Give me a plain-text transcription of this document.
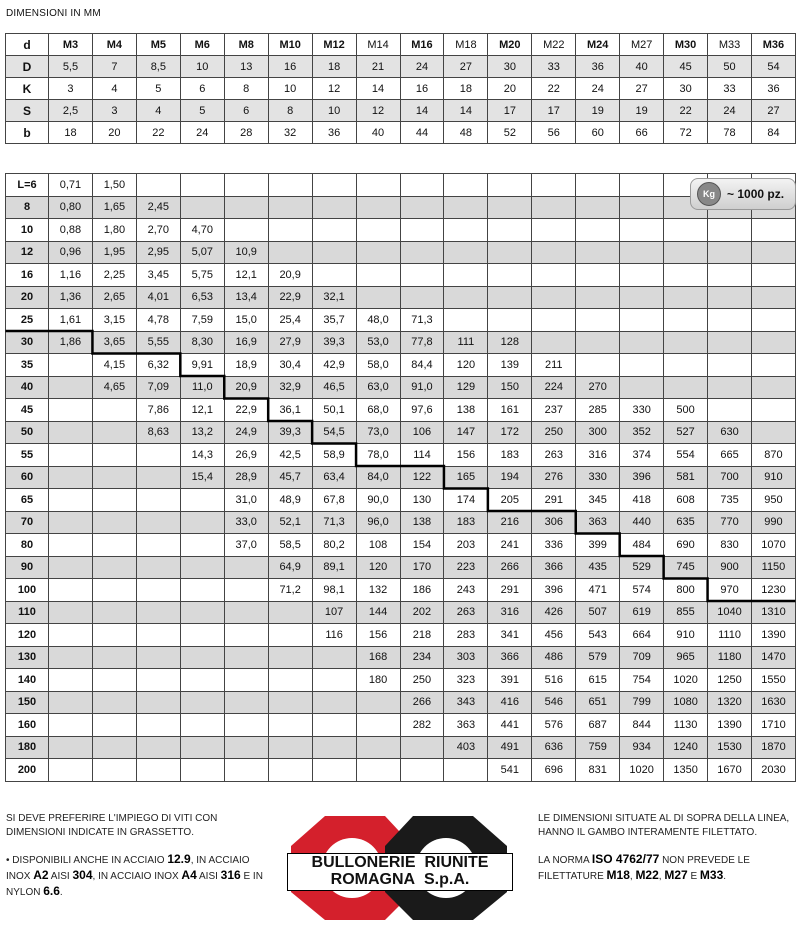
DIMENSIONI IN MM
d	M3	M4	M5	M6	M8	M10	M12	M14	M16	M18	M20	M22	M24	M27	M30	M33	M36
D	5,5	7	8,5	10	13	16	18	21	24	27	30	33	36	40	45	50	54
K	3	4	5	6	8	10	12	14	16	18	20	22	24	27	30	33	36
S	2,5	3	4	5	6	8	10	12	14	14	17	17	19	19	22	24	27
b	18	20	22	24	28	32	36	40	44	48	52	56	60	66	72	78	84
L=6	0,71	1,50															
8	0,80	1,65	2,45														
10	0,88	1,80	2,70	4,70													
12	0,96	1,95	2,95	5,07	10,9												
16	1,16	2,25	3,45	5,75	12,1	20,9											
20	1,36	2,65	4,01	6,53	13,4	22,9	32,1										
25	1,61	3,15	4,78	7,59	15,0	25,4	35,7	48,0	71,3								
30	1,86	3,65	5,55	8,30	16,9	27,9	39,3	53,0	77,8	111	128						
35		4,15	6,32	9,91	18,9	30,4	42,9	58,0	84,4	120	139	211					
40		4,65	7,09	11,0	20,9	32,9	46,5	63,0	91,0	129	150	224	270				
45			7,86	12,1	22,9	36,1	50,1	68,0	97,6	138	161	237	285	330	500		
50			8,63	13,2	24,9	39,3	54,5	73,0	106	147	172	250	300	352	527	630	
55				14,3	26,9	42,5	58,9	78,0	114	156	183	263	316	374	554	665	870
60				15,4	28,9	45,7	63,4	84,0	122	165	194	276	330	396	581	700	910
65					31,0	48,9	67,8	90,0	130	174	205	291	345	418	608	735	950
70					33,0	52,1	71,3	96,0	138	183	216	306	363	440	635	770	990
80					37,0	58,5	80,2	108	154	203	241	336	399	484	690	830	1070
90						64,9	89,1	120	170	223	266	366	435	529	745	900	1150
100						71,2	98,1	132	186	243	291	396	471	574	800	970	1230
110							107	144	202	263	316	426	507	619	855	1040	1310
120							116	156	218	283	341	456	543	664	910	1110	1390
130								168	234	303	366	486	579	709	965	1180	1470
140								180	250	323	391	516	615	754	1020	1250	1550
150									266	343	416	546	651	799	1080	1320	1630
160									282	363	441	576	687	844	1130	1390	1710
180										403	491	636	759	934	1240	1530	1870
200											541	696	831	1020	1350	1670	2030
Kg	~ 1000 pz.
SI DEVE PREFERIRE L'IMPIEGO DI VITI CON DIMENSIONI INDICATE IN GRASSETTO.
• DISPONIBILI ANCHE IN ACCIAIO 12.9, IN ACCIAIO INOX A2 AISI 304, IN ACCIAIO INOX A4 AISI 316 E IN NYLON 6.6.
LE DIMENSIONI SITUATE AL DI SOPRA DELLA LINEA, HANNO IL GAMBO INTERAMENTE FILETTATO.
LA NORMA ISO 4762/77 NON PREVEDE LE FILETTATURE M18, M22, M27 E M33.
BULLONERIE RIUNITE
ROMAGNA S.p.A.
